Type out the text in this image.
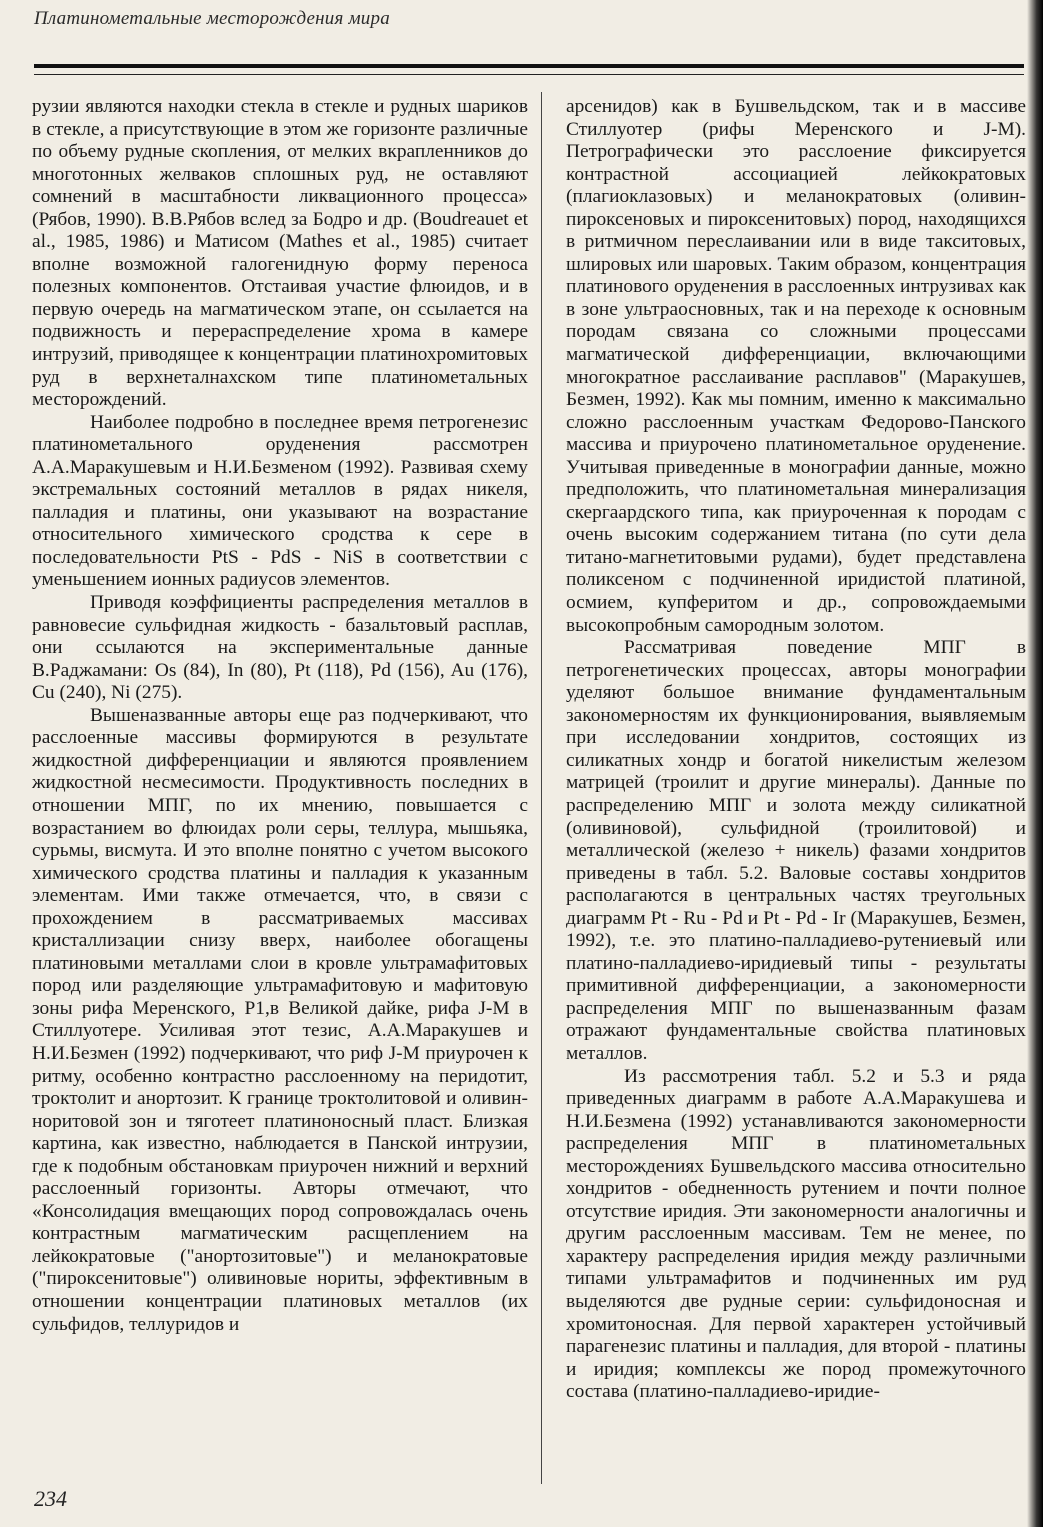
Платинометальные месторождения мира

рузии являются находки стекла в стекле и рудных шариков в стекле, а присутствующие в этом же горизонте различные по объему рудные скопления, от мелких вкрапленников до многотонных желваков сплошных руд, не оставляют сомнений в масштабности ликвационного процесса» (Рябов, 1990). В.В.Рябов вслед за Бодро и др. (Boudreauet et al., 1985, 1986) и Матисом (Mathes et al., 1985) считает вполне возможной галогенидную форму переноса полезных компонентов. Отстаивая участие флюидов, и в первую очередь на магматическом этапе, он ссылается на подвижность и перераспределение хрома в камере интрузий, приводящее к концентрации платинохромитовых руд в верхнеталнахском типе платинометальных месторождений.

Наиболее подробно в последнее время петрогенезис платинометального оруденения рассмотрен А.А.Маракушевым и Н.И.Безменом (1992). Развивая схему экстремальных состояний металлов в рядах никеля, палладия и платины, они указывают на возрастание относительного химического сродства к сере в последовательности PtS - PdS - NiS в соответствии с уменьшением ионных радиусов элементов.

Приводя коэффициенты распределения металлов в равновесие сульфидная жидкость - базальтовый расплав, они ссылаются на экспериментальные данные В.Раджамани: Os (84), In (80), Pt (118), Pd (156), Au (176), Cu (240), Ni (275).

Вышеназванные авторы еще раз подчеркивают, что расслоенные массивы формируются в результате жидкостной дифференциации и являются проявлением жидкостной несмесимости. Продуктивность последних в отношении МПГ, по их мнению, повышается с возрастанием во флюидах роли серы, теллура, мышьяка, сурьмы, висмута. И это вполне понятно с учетом высокого химического сродства платины и палладия к указанным элементам. Ими также отмечается, что, в связи с прохождением в рассматриваемых массивах кристаллизации снизу вверх, наиболее обогащены платиновыми металлами слои в кровле ультрамафитовых пород или разделяющие ультрамафитовую и мафитовую зоны рифа Меренского, P1,в Великой дайке, рифа J-M в Стиллуотере. Усиливая этот тезис, А.А.Маракушев и Н.И.Безмен (1992) подчеркивают, что риф J-M приурочен к ритму, особенно контрастно расслоенному на перидотит, троктолит и анортозит. К границе троктолитовой и оливин-норитовой зон и тяготеет платиноносный пласт. Близкая картина, как известно, наблюдается в Панской интрузии, где к подобным обстановкам приурочен нижний и верхний расслоенный горизонты. Авторы отмечают, что «Консолидация вмещающих пород сопровождалась очень контрастным магматическим расщеплением на лейкократовые ("анортозитовые") и меланократовые ("пироксенитовые") оливиновые нориты, эффективным в отношении концентрации платиновых металлов (их сульфидов, теллуридов и

арсенидов) как в Бушвельдском, так и в массиве Стиллуотер (рифы Меренского и J-M). Петрографически это расслоение фиксируется контрастной ассоциацией лейкократовых (плагиоклазовых) и меланократовых (оливин-пироксеновых и пироксенитовых) пород, находящихся в ритмичном переслаивании или в виде такситовых, шлировых или шаровых. Таким образом, концентрация платинового оруденения в расслоенных интрузивах как в зоне ультраосновных, так и на переходе к основным породам связана со сложными процессами магматической дифференциации, включающими многократное расслаивание расплавов" (Маракушев, Безмен, 1992). Как мы помним, именно к максимально сложно расслоенным участкам Федорово-Панского массива и приурочено платинометальное оруденение. Учитывая приведенные в монографии данные, можно предположить, что платинометальная минерализация скергаардского типа, как приуроченная к породам с очень высоким содержанием титана (по сути дела титано-магнетитовыми рудами), будет представлена поликсеном с подчиненной иридистой платиной, осмием, купферитом и др., сопровождаемыми высокопробным самородным золотом.

Рассматривая поведение МПГ в петрогенетических процессах, авторы монографии уделяют большое внимание фундаментальным закономерностям их функционирования, выявляемым при исследовании хондритов, состоящих из силикатных хондр и богатой никелистым железом матрицей (троилит и другие минералы). Данные по распределению МПГ и золота между силикатной (оливиновой), сульфидной (троилитовой) и металлической (железо + никель) фазами хондритов приведены в табл. 5.2. Валовые составы хондритов располагаются в центральных частях треугольных диаграмм Pt - Ru - Pd и Pt - Pd - Ir (Маракушев, Безмен, 1992), т.е. это платино-палладиево-рутениевый или платино-палладиево-иридиевый типы - результаты примитивной дифференциации, а закономерности распределения МПГ по вышеназванным фазам отражают фундаментальные свойства платиновых металлов.

Из рассмотрения табл. 5.2 и 5.3 и ряда приведенных диаграмм в работе А.А.Маракушева и Н.И.Безмена (1992) устанавливаются закономерности распределения МПГ в платинометальных месторождениях Бушвельдского массива относительно хондритов - обедненность рутением и почти полное отсутствие иридия. Эти закономерности аналогичны и другим расслоенным массивам. Тем не менее, по характеру распределения иридия между различными типами ультрамафитов и подчиненных им руд выделяются две рудные серии: сульфидоносная и хромитоносная. Для первой характерен устойчивый парагенезис платины и палладия, для второй - платины и иридия; комплексы же пород промежуточного состава (платино-палладиево-иридие-

234
